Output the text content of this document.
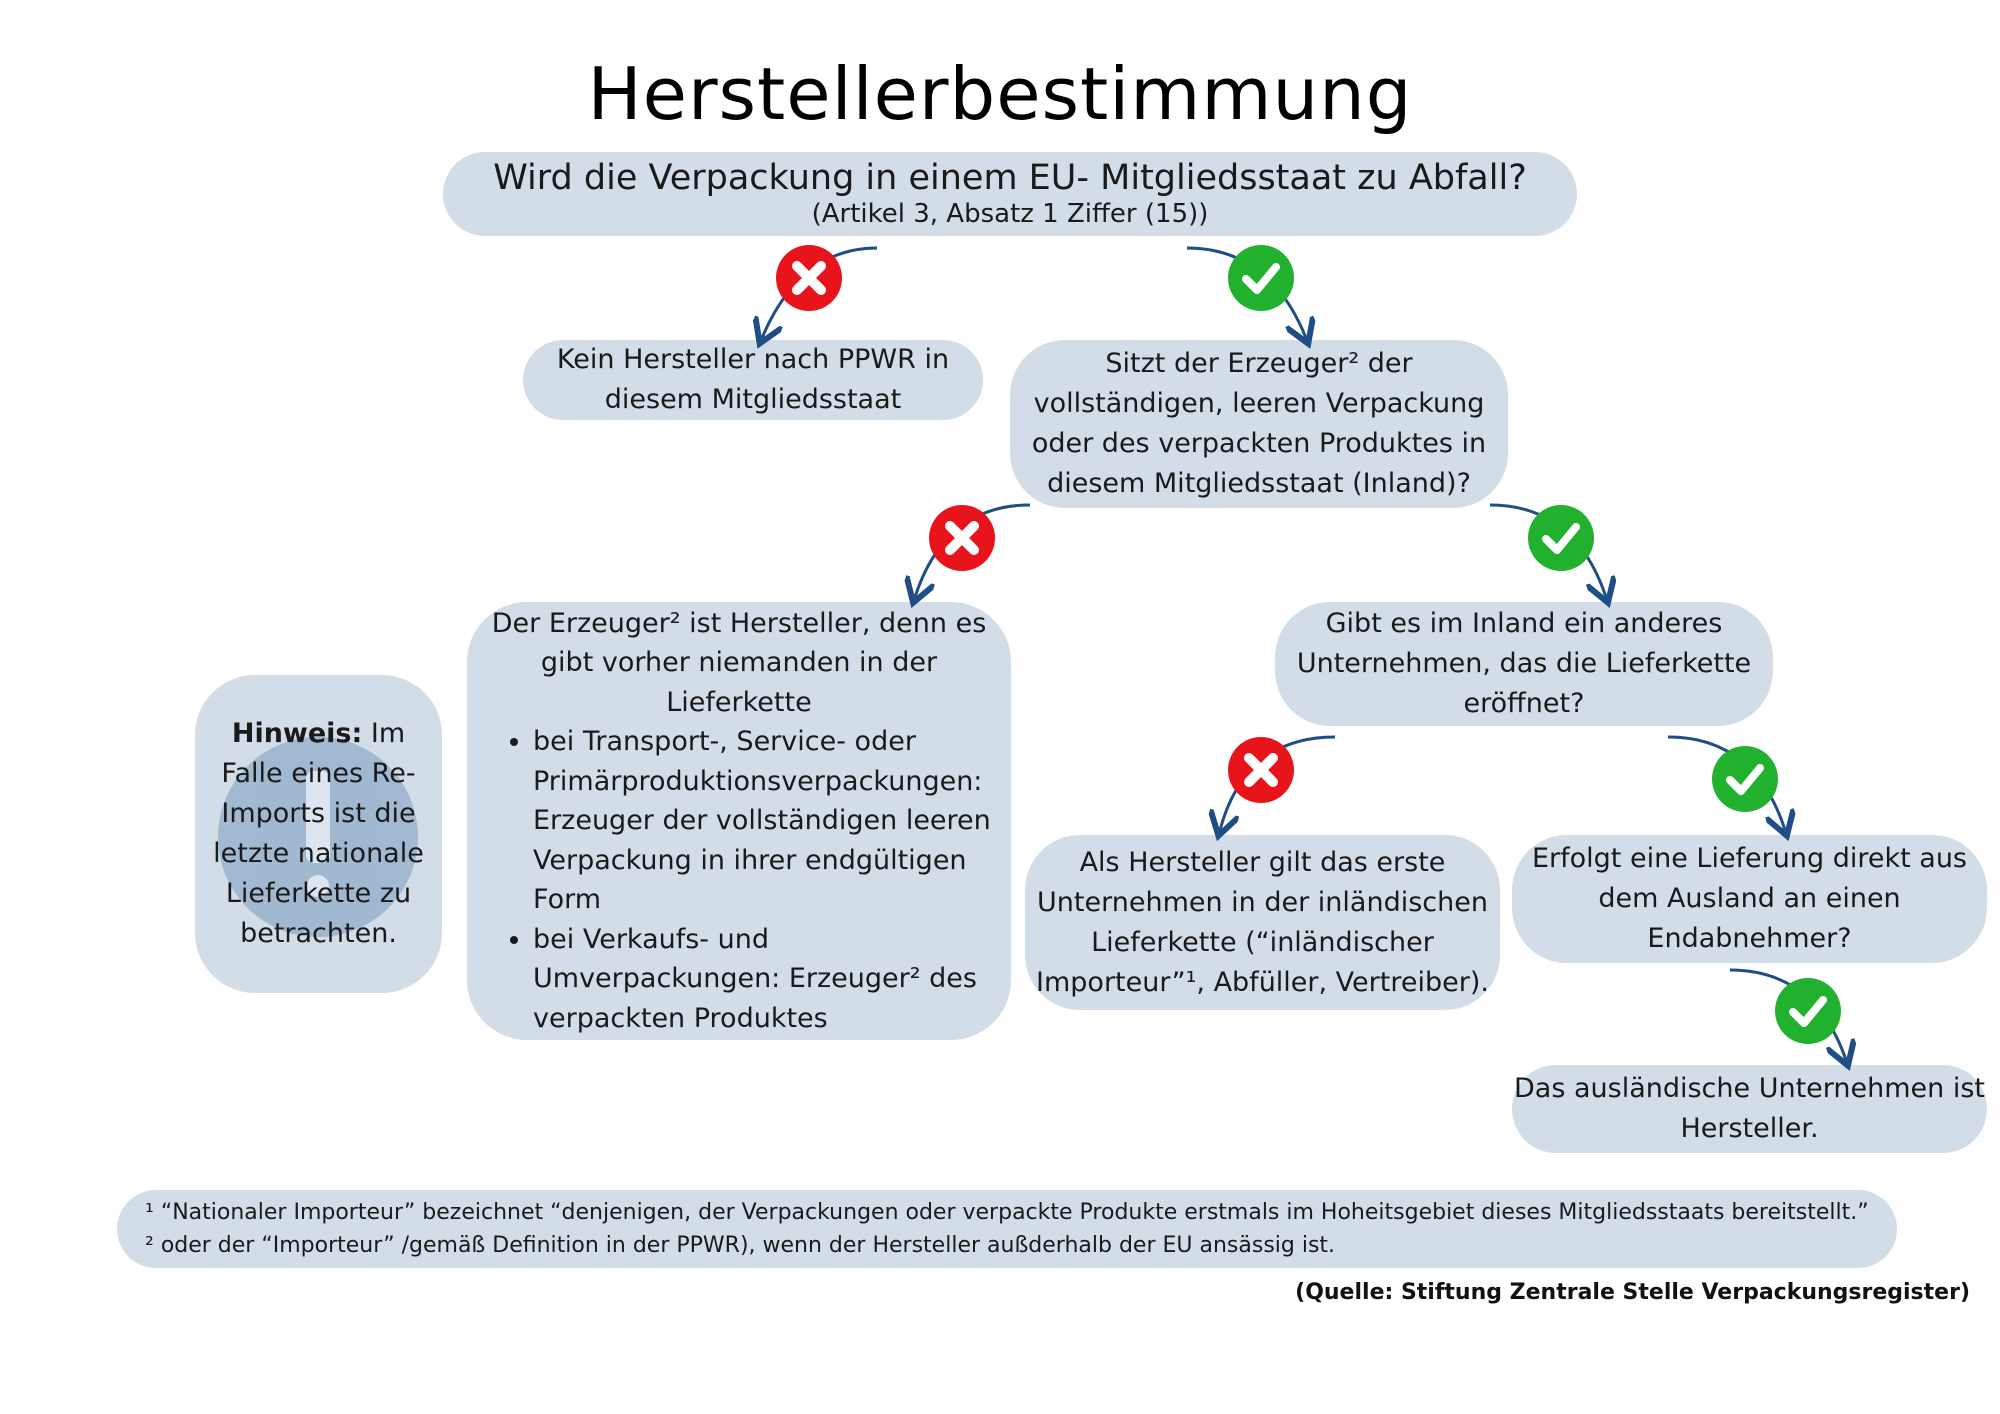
Herstellerbestimmung
Wird die Verpackung in einem EU- Mitgliedsstaat zu Abfall?
(Artikel 3, Absatz 1 Ziffer (15))
Kein Hersteller nach PPWR in diesem Mitgliedsstaat
Sitzt der Erzeuger² der vollständigen, leeren Verpackung oder des verpackten Produktes in diesem Mitgliedsstaat (Inland)?
Der Erzeuger² ist Hersteller, denn es gibt vorher niemanden in der Lieferkette
• bei Transport-, Service- oder Primärproduktionsverpackungen: Erzeuger der vollständigen leeren Verpackung in ihrer endgültigen Form
• bei Verkaufs- und Umverpackungen: Erzeuger² des verpackten Produktes
Gibt es im Inland ein anderes Unternehmen, das die Lieferkette eröffnet?
Als Hersteller gilt das erste Unternehmen in der inländischen Lieferkette (“inländischer Importeur”¹, Abfüller, Vertreiber).
Erfolgt eine Lieferung direkt aus dem Ausland an einen Endabnehmer?
Das ausländische Unternehmen ist Hersteller.
Hinweis: Im Falle eines Re-Imports ist die letzte nationale Lieferkette zu betrachten.
¹ “Nationaler Importeur” bezeichnet “denjenigen, der Verpackungen oder verpackte Produkte erstmals im Hoheitsgebiet dieses Mitgliedsstaats bereitstellt.”
² oder der “Importeur” /gemäß Definition in der PPWR), wenn der Hersteller außderhalb der EU ansässig ist.
(Quelle: Stiftung Zentrale Stelle Verpackungsregister)
